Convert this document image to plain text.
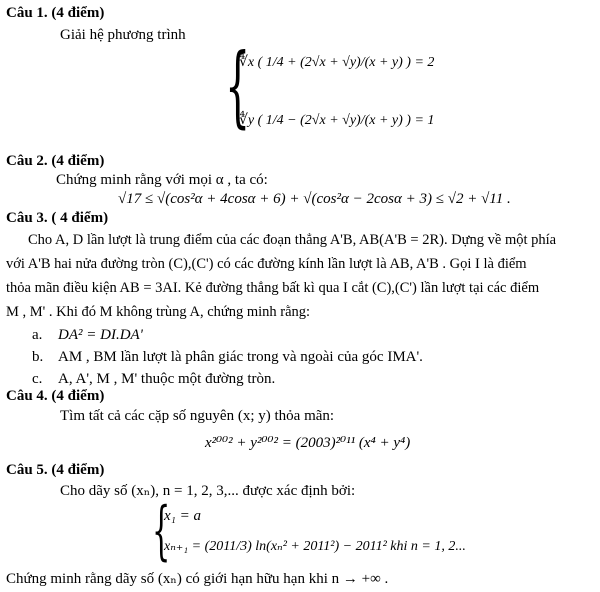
Câu 1. (4 điểm)
Giải hệ phương trình {
∜x ( 1/4 + (2√x + √y)/(x + y) ) = 2
∜y ( 1/4 − (2√x + √y)/(x + y) ) = 1
Câu 2. (4 điểm)
Chứng minh rằng với mọi α , ta có:
√17 ≤ √(cos²α + 4cosα + 6) + √(cos²α − 2cosα + 3) ≤ √2 + √11 .
Câu 3. ( 4 điểm)
Cho A, D lần lượt là trung điểm của các đoạn thẳng A'B, AB(A'B = 2R). Dựng về một phía
với A'B hai nửa đường tròn (C),(C') có các đường kính lần lượt là AB, A'B . Gọi I là điểm
thỏa mãn điều kiện AB = 3AI. Kẻ đường thẳng bất kì qua I cắt (C),(C') lần lượt tại các điểm
M , M' . Khi đó M không trùng A, chứng minh rằng:
a. DA² = DI.DA'
b. AM , BM lần lượt là phân giác trong và ngoài của góc IMA'.
c. A, A', M , M' thuộc một đường tròn.
Câu 4. (4 điểm)
Tìm tất cả các cặp số nguyên (x; y) thỏa mãn:
x²⁰⁰² + y²⁰⁰² = (2003)²⁰¹¹ (x⁴ + y⁴)
Câu 5. (4 điểm)
Cho dãy số (xₙ), n = 1, 2, 3,... được xác định bởi:
{
x₁ = a
xₙ₊₁ = (2011/3) ln(xₙ² + 2011²) − 2011² khi n = 1, 2...
Chứng minh rằng dãy số (xₙ) có giới hạn hữu hạn khi n → +∞ .
